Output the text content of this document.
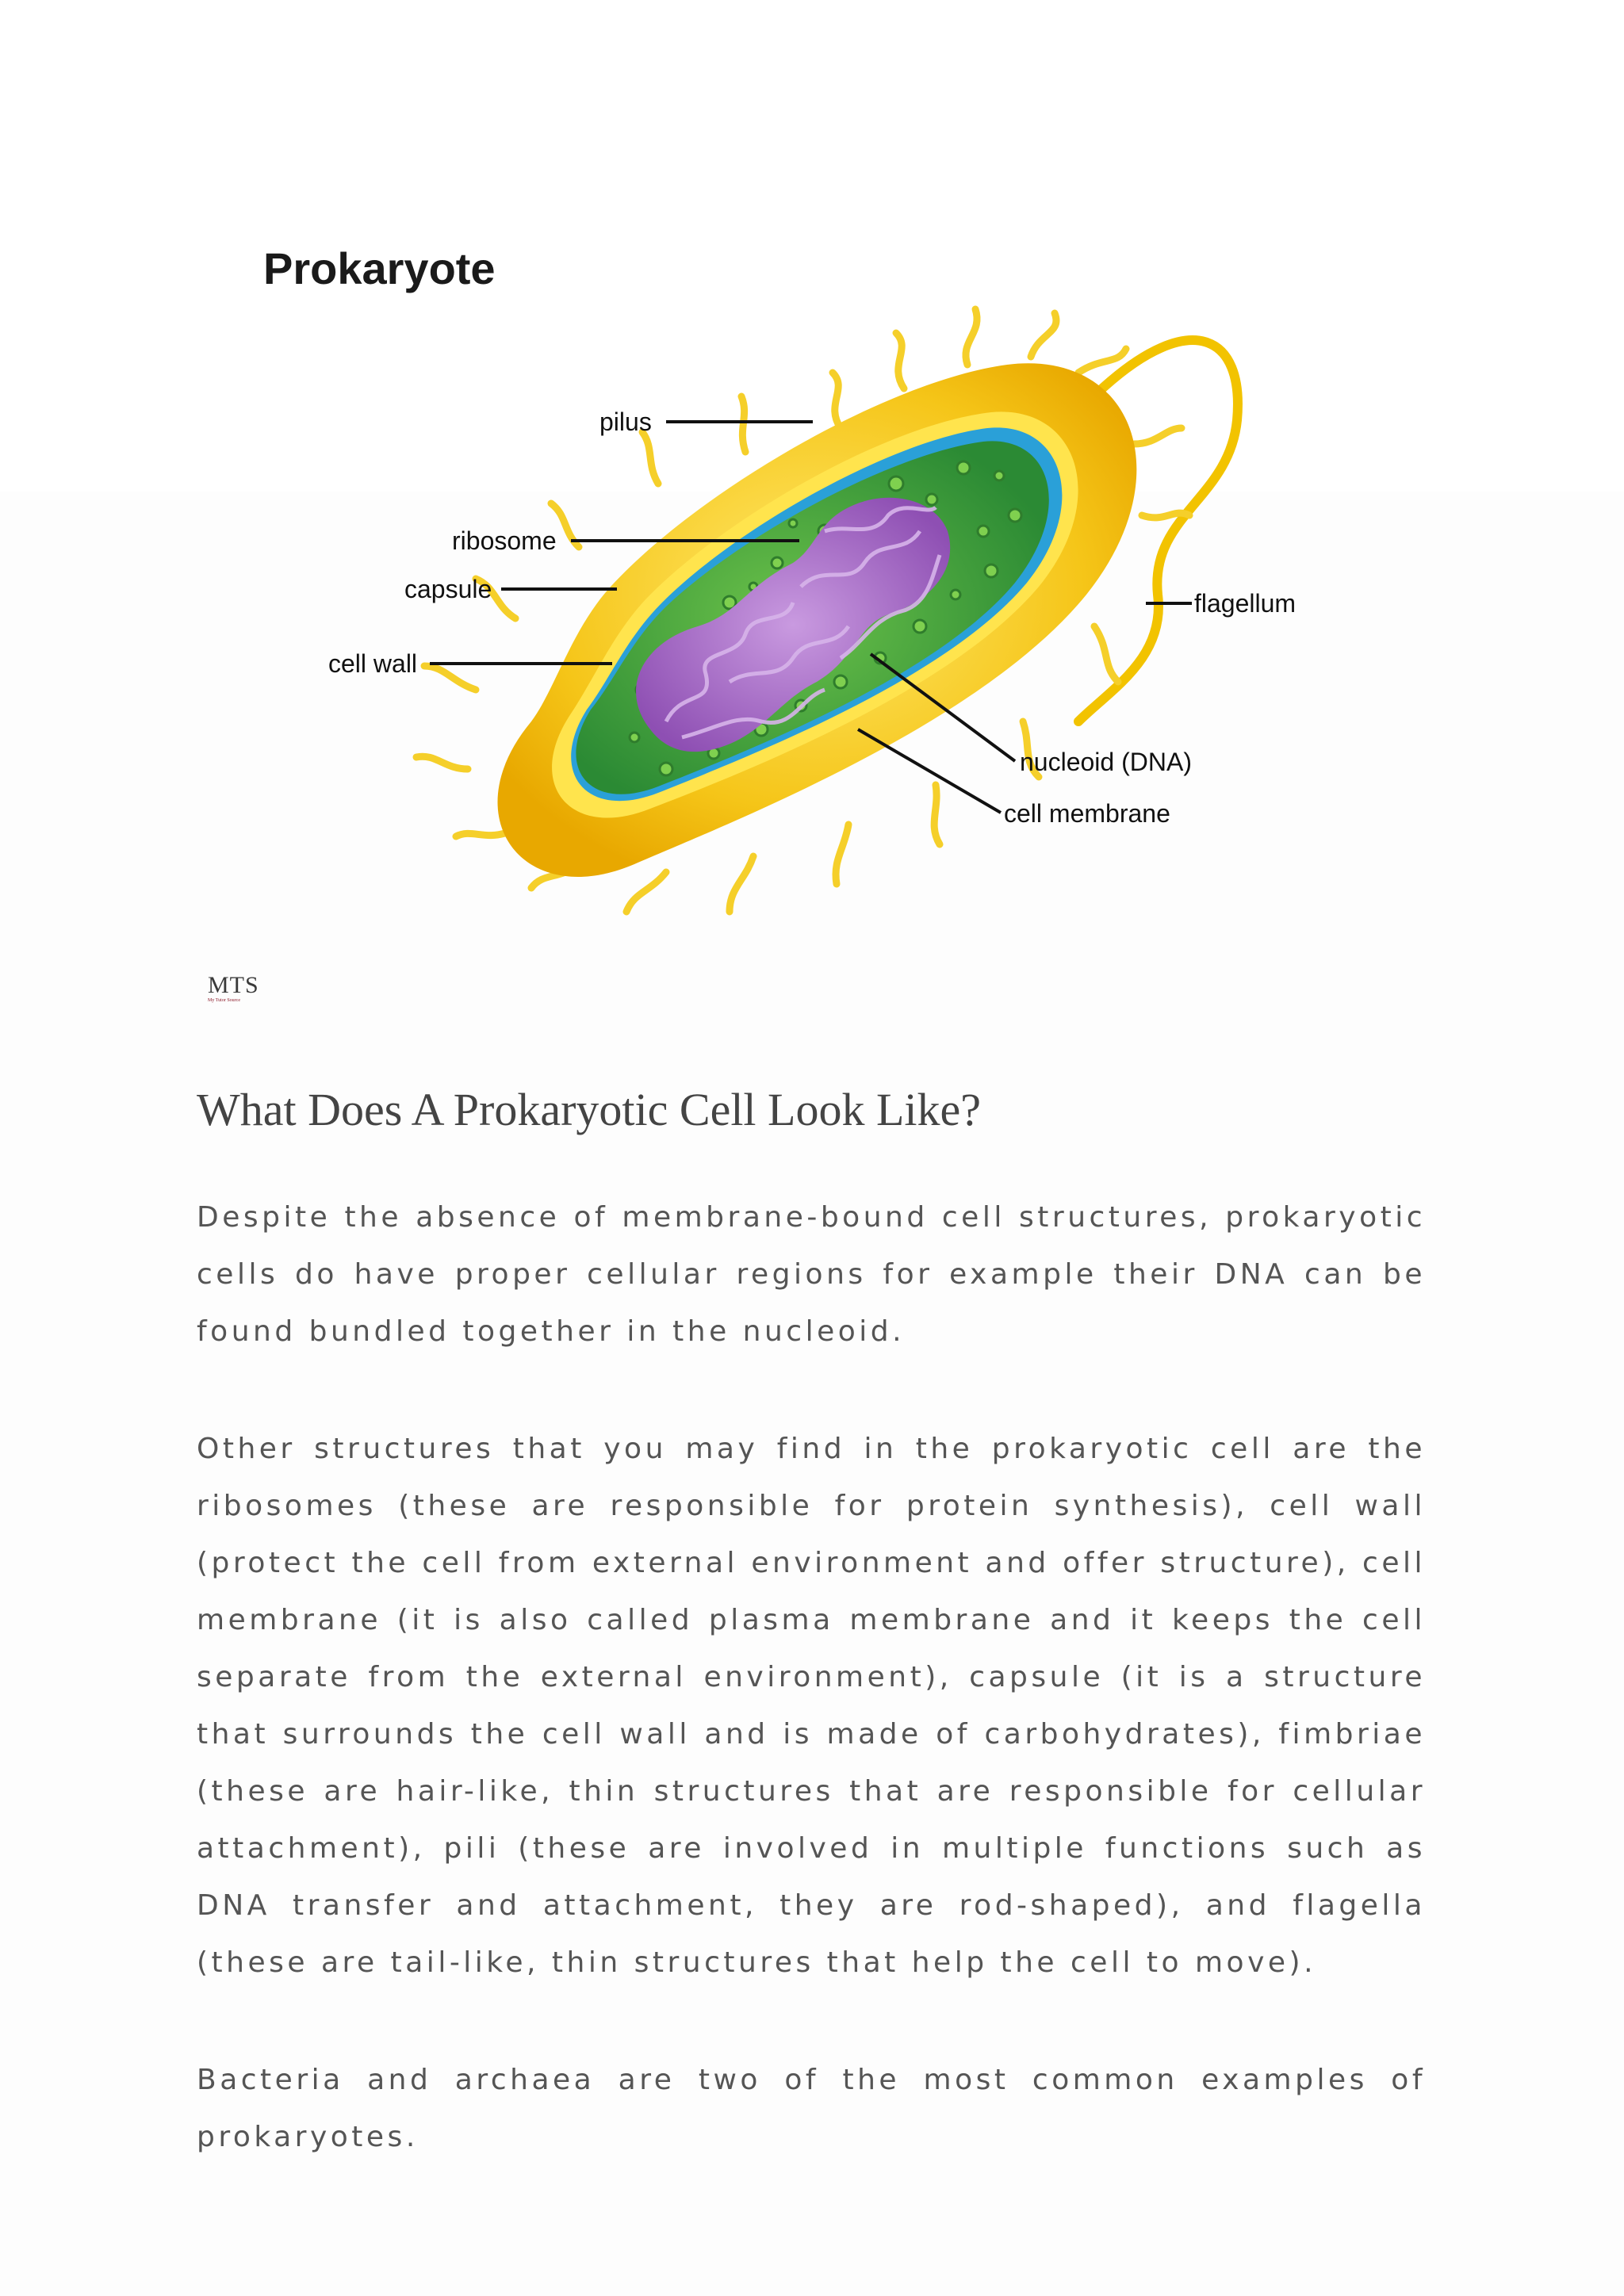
Prokaryote
pilus
ribosome
capsule
cell wall
flagellum
nucleoid (DNA)
cell membrane
MTS
My Tutor Source
What Does A Prokaryotic Cell Look Like?

Despite the absence of membrane-bound cell structures, prokaryotic cells do have proper cellular regions for example their DNA can be found bundled together in the nucleoid.

Other structures that you may find in the prokaryotic cell are the ribosomes (these are responsible for protein synthesis), cell wall (protect the cell from external environment and offer structure), cell membrane (it is also called plasma membrane and it keeps the cell separate from the external environment), capsule (it is a structure that surrounds the cell wall and is made of carbohydrates), fimbriae (these are hair-like, thin structures that are responsible for cellular attachment), pili (these are involved in multiple functions such as DNA transfer and attachment, they are rod-shaped), and flagella (these are tail-like, thin structures that help the cell to move).

Bacteria and archaea are two of the most common examples of prokaryotes.
